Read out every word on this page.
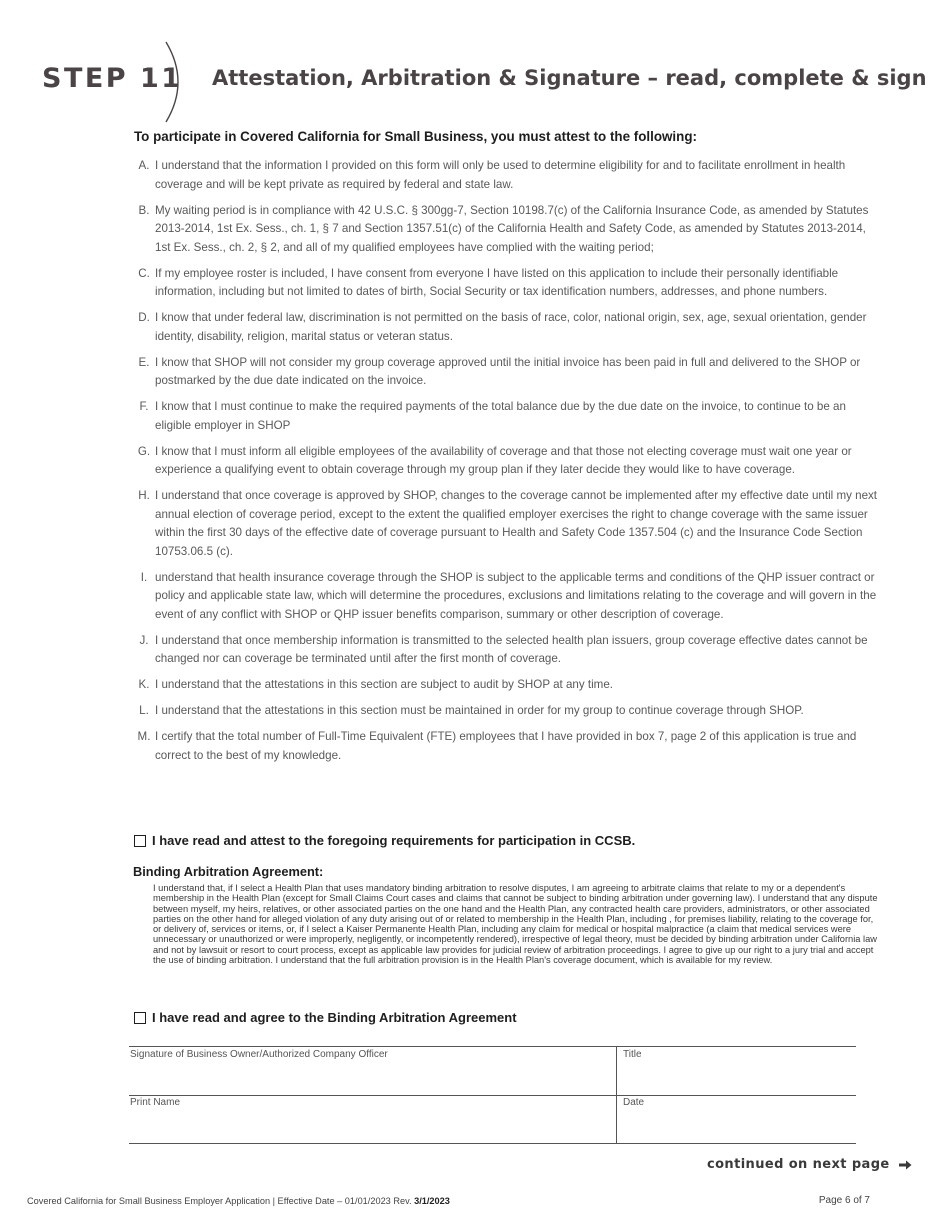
STEP 11 Attestation, Arbitration & Signature – read, complete & sign
To participate in Covered California for Small Business, you must attest to the following:
A. I understand that the information I provided on this form will only be used to determine eligibility for and to facilitate enrollment in health coverage and will be kept private as required by federal and state law.
B. My waiting period is in compliance with 42 U.S.C. § 300gg-7, Section 10198.7(c) of the California Insurance Code, as amended by Statutes 2013-2014, 1st Ex. Sess., ch. 1, § 7 and Section 1357.51(c) of the California Health and Safety Code, as amended by Statutes 2013-2014, 1st Ex. Sess., ch. 2, § 2, and all of my qualified employees have complied with the waiting period;
C. If my employee roster is included, I have consent from everyone I have listed on this application to include their personally identifiable information, including but not limited to dates of birth, Social Security or tax identification numbers, addresses, and phone numbers.
D. I know that under federal law, discrimination is not permitted on the basis of race, color, national origin, sex, age, sexual orientation, gender identity, disability, religion, marital status or veteran status.
E. I know that SHOP will not consider my group coverage approved until the initial invoice has been paid in full and delivered to the SHOP or postmarked by the due date indicated on the invoice.
F. I know that I must continue to make the required payments of the total balance due by the due date on the invoice, to continue to be an eligible employer in SHOP
G. I know that I must inform all eligible employees of the availability of coverage and that those not electing coverage must wait one year or experience a qualifying event to obtain coverage through my group plan if they later decide they would like to have coverage.
H. I understand that once coverage is approved by SHOP, changes to the coverage cannot be implemented after my effective date until my next annual election of coverage period, except to the extent the qualified employer exercises the right to change coverage with the same issuer within the first 30 days of the effective date of coverage pursuant to Health and Safety Code 1357.504 (c) and the Insurance Code Section 10753.06.5 (c).
I. understand that health insurance coverage through the SHOP is subject to the applicable terms and conditions of the QHP issuer contract or policy and applicable state law, which will determine the procedures, exclusions and limitations relating to the coverage and will govern in the event of any conflict with SHOP or QHP issuer benefits comparison, summary or other description of coverage.
J. I understand that once membership information is transmitted to the selected health plan issuers, group coverage effective dates cannot be changed nor can coverage be terminated until after the first month of coverage.
K. I understand that the attestations in this section are subject to audit by SHOP at any time.
L. I understand that the attestations in this section must be maintained in order for my group to continue coverage through SHOP.
M. I certify that the total number of Full-Time Equivalent (FTE) employees that I have provided in box 7, page 2 of this application is true and correct to the best of my knowledge.
I have read and attest to the foregoing requirements for participation in CCSB.
Binding Arbitration Agreement:
I understand that, if I select a Health Plan that uses mandatory binding arbitration to resolve disputes, I am agreeing to arbitrate claims that relate to my or a dependent's membership in the Health Plan (except for Small Claims Court cases and claims that cannot be subject to binding arbitration under governing law). I understand that any dispute between myself, my heirs, relatives, or other associated parties on the one hand and the Health Plan, any contracted health care providers, administrators, or other associated parties on the other hand for alleged violation of any duty arising out of or related to membership in the Health Plan, including , for premises liability, relating to the coverage for, or delivery of, services or items, or, if I select a Kaiser Permanente Health Plan, including any claim for medical or hospital malpractice (a claim that medical services were unnecessary or unauthorized or were improperly, negligently, or incompetently rendered), irrespective of legal theory, must be decided by binding arbitration under California law and not by lawsuit or resort to court process, except as applicable law provides for judicial review of arbitration proceedings. I agree to give up our right to a jury trial and accept the use of binding arbitration. I understand that the full arbitration provision is in the Health Plan's coverage document, which is available for my review.
I have read and agree to the Binding Arbitration Agreement
Signature of Business Owner/Authorized Company Officer	Title
Print Name	Date
continued on next page
Covered California for Small Business Employer Application | Effective Date – 01/01/2023 Rev. 3/1/2023	Page 6 of 7
